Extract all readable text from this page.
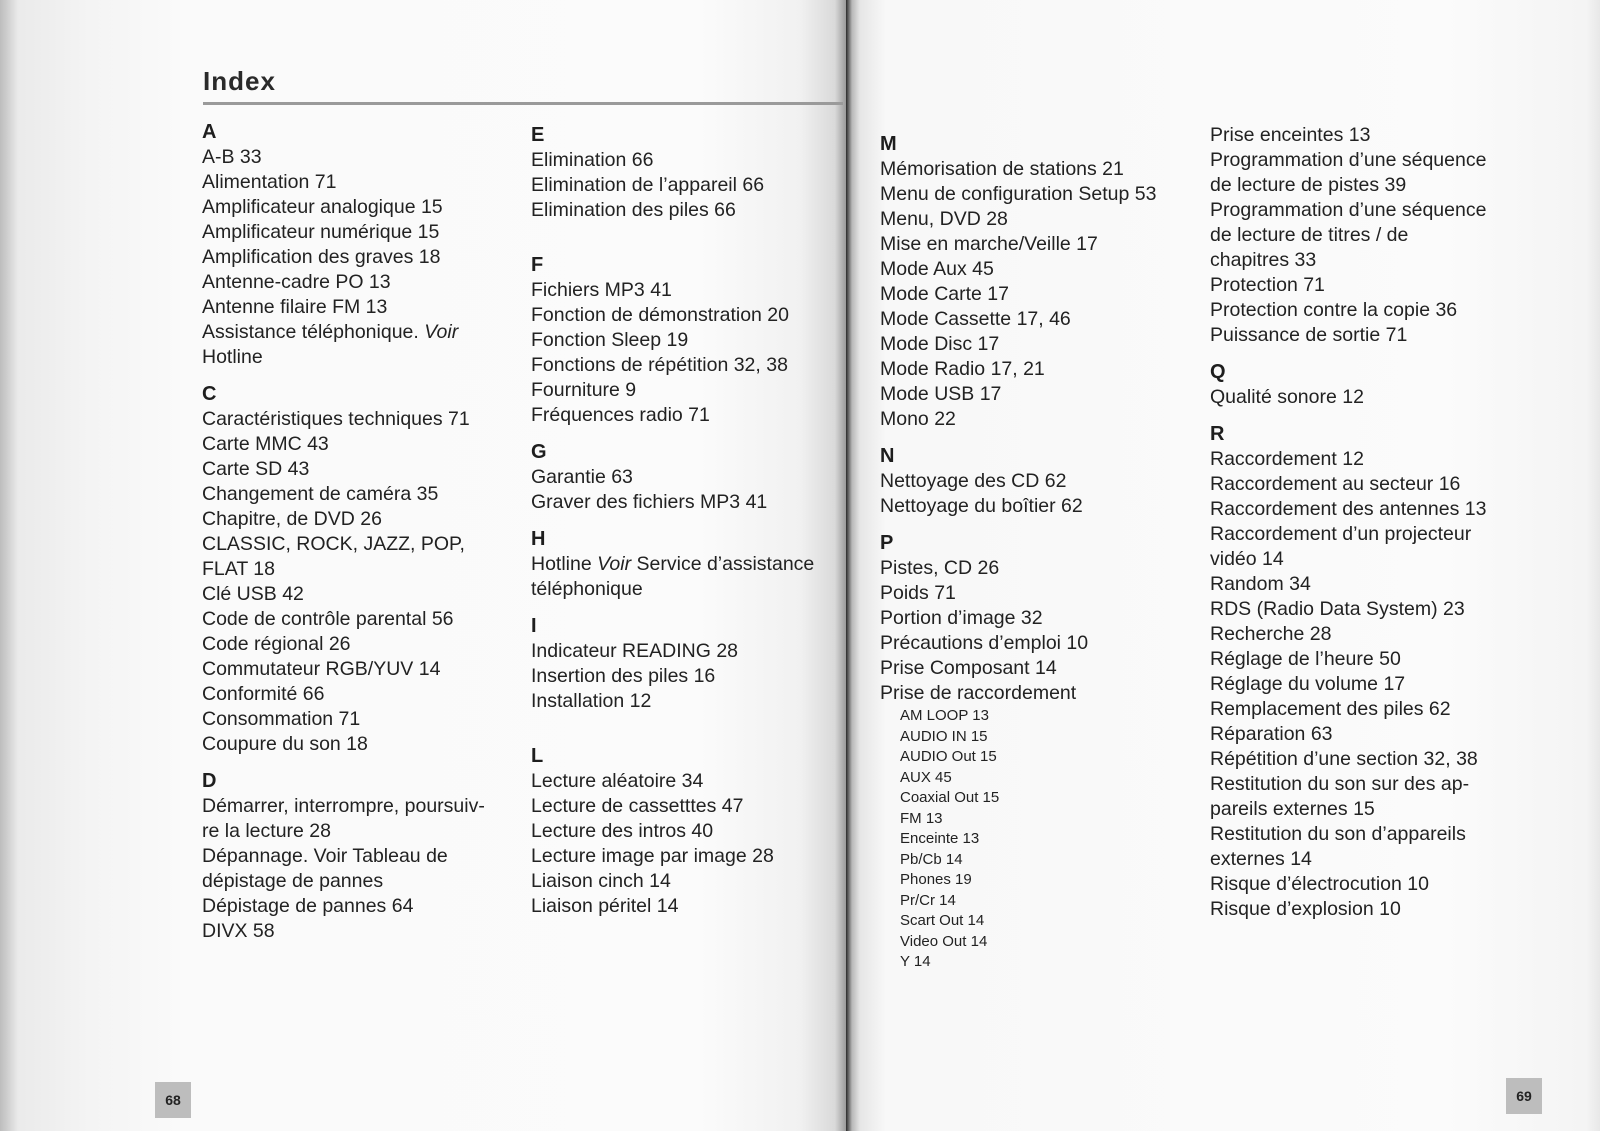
Index
A
A-B 33
Alimentation 71
Amplificateur analogique 15
Amplificateur numérique 15
Amplification des graves 18
Antenne-cadre PO 13
Antenne filaire FM 13
Assistance téléphonique. Voir
Hotline
C
Caractéristiques techniques 71
Carte MMC 43
Carte SD 43
Changement de caméra 35
Chapitre, de DVD 26
CLASSIC, ROCK, JAZZ, POP,
FLAT 18
Clé USB 42
Code de contrôle parental 56
Code régional 26
Commutateur RGB/YUV 14
Conformité 66
Consommation 71
Coupure du son 18
D
Démarrer, interrompre, poursuiv-
re la lecture 28
Dépannage. Voir Tableau de
dépistage de pannes
Dépistage de pannes 64
DIVX 58
E
Elimination 66
Elimination de l’appareil 66
Elimination des piles 66
F
Fichiers MP3 41
Fonction de démonstration 20
Fonction Sleep 19
Fonctions de répétition 32, 38
Fourniture 9
Fréquences radio 71
G
Garantie 63
Graver des fichiers MP3 41
H
Hotline Voir Service d’assistance
téléphonique
I
Indicateur READING 28
Insertion des piles 16
Installation 12
L
Lecture aléatoire 34
Lecture de cassetttes 47
Lecture des intros 40
Lecture image par image 28
Liaison cinch 14
Liaison péritel 14
68
M
Mémorisation de stations 21
Menu de configuration Setup 53
Menu, DVD 28
Mise en marche/Veille 17
Mode Aux 45
Mode Carte 17
Mode Cassette 17, 46
Mode Disc 17
Mode Radio 17, 21
Mode USB 17
Mono 22
N
Nettoyage des CD 62
Nettoyage du boîtier 62
P
Pistes, CD 26
Poids 71
Portion d’image 32
Précautions d’emploi 10
Prise Composant 14
Prise de raccordement
AM LOOP 13
AUDIO IN 15
AUDIO Out 15
AUX 45
Coaxial Out 15
FM 13
Enceinte 13
Pb/Cb 14
Phones 19
Pr/Cr 14
Scart Out 14
Video Out 14
Y 14
Prise enceintes 13
Programmation d’une séquence
de lecture de pistes 39
Programmation d’une séquence
de lecture de titres / de
chapitres 33
Protection 71
Protection contre la copie 36
Puissance de sortie 71
Q
Qualité sonore 12
R
Raccordement 12
Raccordement au secteur 16
Raccordement des antennes 13
Raccordement d’un projecteur
vidéo 14
Random 34
RDS (Radio Data System) 23
Recherche 28
Réglage de l’heure 50
Réglage du volume 17
Remplacement des piles 62
Réparation 63
Répétition d’une section 32, 38
Restitution du son sur des ap-
pareils externes 15
Restitution du son d’appareils
externes 14
Risque d’électrocution 10
Risque d’explosion 10
69
